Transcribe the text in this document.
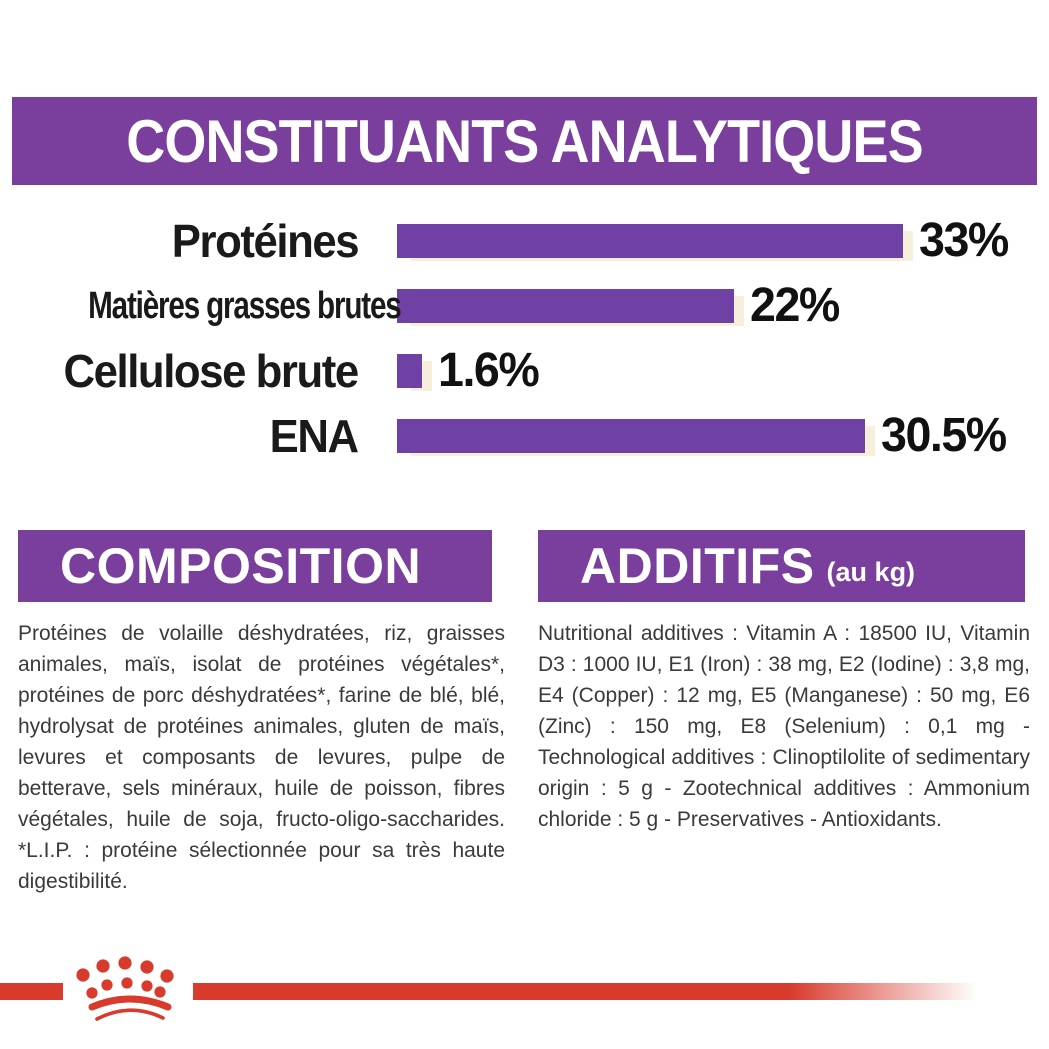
CONSTITUANTS ANALYTIQUES
Protéines	33%
Matières grasses brutes	22%
Cellulose brute 1.6%
ENA	30.5%
COMPOSITION
Protéines de volaille déshydratées, riz, graisses animales, maïs, isolat de protéines végétales*, protéines de porc déshydratées*, farine de blé, blé, hydrolysat de protéines animales, gluten de maïs, levures et composants de levures, pulpe de betterave, sels minéraux, huile de poisson, fibres végétales, huile de soja, fructo-oligo-saccharides. *L.I.P. : protéine sélectionnée pour sa très haute digestibilité.
ADDITIFS (au kg)
Nutritional additives : Vitamin A : 18500 IU, Vitamin D3 : 1000 IU, E1 (Iron) : 38 mg, E2 (Iodine) : 3,8 mg, E4 (Copper) : 12 mg, E5 (Manganese) : 50 mg, E6 (Zinc) : 150 mg, E8 (Selenium) : 0,1 mg - Technological additives : Clinoptilolite of sedimentary origin : 5 g - Zootechnical additives : Ammonium chloride : 5 g - Preservatives - Antioxidants.
